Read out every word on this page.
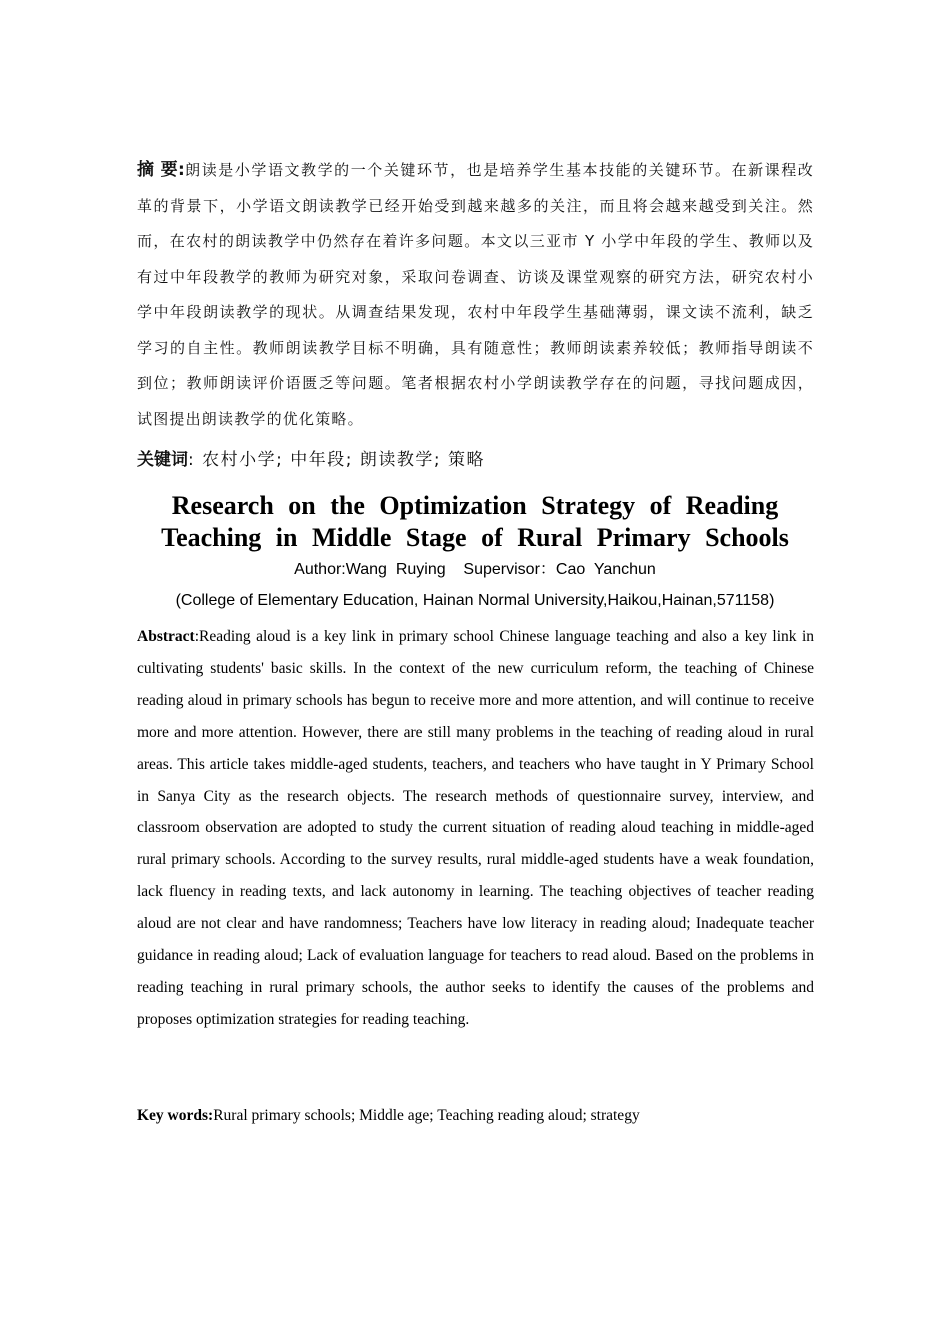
摘 要:朗读是小学语文教学的一个关键环节，也是培养学生基本技能的关键环节。在新课程改革的背景下，小学语文朗读教学已经开始受到越来越多的关注，而且将会越来越受到关注。然而，在农村的朗读教学中仍然存在着许多问题。本文以三亚市 Y 小学中年段的学生、教师以及有过中年段教学的教师为研究对象，采取问卷调查、访谈及课堂观察的研究方法，研究农村小学中年段朗读教学的现状。从调查结果发现，农村中年段学生基础薄弱，课文读不流利，缺乏学习的自主性。教师朗读教学目标不明确，具有随意性；教师朗读素养较低；教师指导朗读不到位；教师朗读评价语匮乏等问题。笔者根据农村小学朗读教学存在的问题，寻找问题成因，试图提出朗读教学的优化策略。
关键词: 农村小学; 中年段; 朗读教学; 策略
Research on the Optimization Strategy of Reading
Teaching in Middle Stage of Rural Primary Schools
Author:Wang  Ruying    Supervisor：Cao  Yanchun
(College of Elementary Education, Hainan Normal University,Haikou,Hainan,571158)
Abstract:Reading aloud is a key link in primary school Chinese language teaching and also a key link in cultivating students' basic skills. In the context of the new curriculum reform, the teaching of Chinese reading aloud in primary schools has begun to receive more and more attention, and will continue to receive more and more attention. However, there are still many problems in the teaching of reading aloud in rural areas. This article takes middle-aged students, teachers, and teachers who have taught in Y Primary School in Sanya City as the research objects. The research methods of questionnaire survey, interview, and classroom observation are adopted to study the current situation of reading aloud teaching in middle-aged rural primary schools. According to the survey results, rural middle-aged students have a weak foundation, lack fluency in reading texts, and lack autonomy in learning. The teaching objectives of teacher reading aloud are not clear and have randomness; Teachers have low literacy in reading aloud; Inadequate teacher guidance in reading aloud; Lack of evaluation language for teachers to read aloud. Based on the problems in reading teaching in rural primary schools, the author seeks to identify the causes of the problems and proposes optimization strategies for reading teaching.
Key words:Rural primary schools; Middle age; Teaching reading aloud; strategy
